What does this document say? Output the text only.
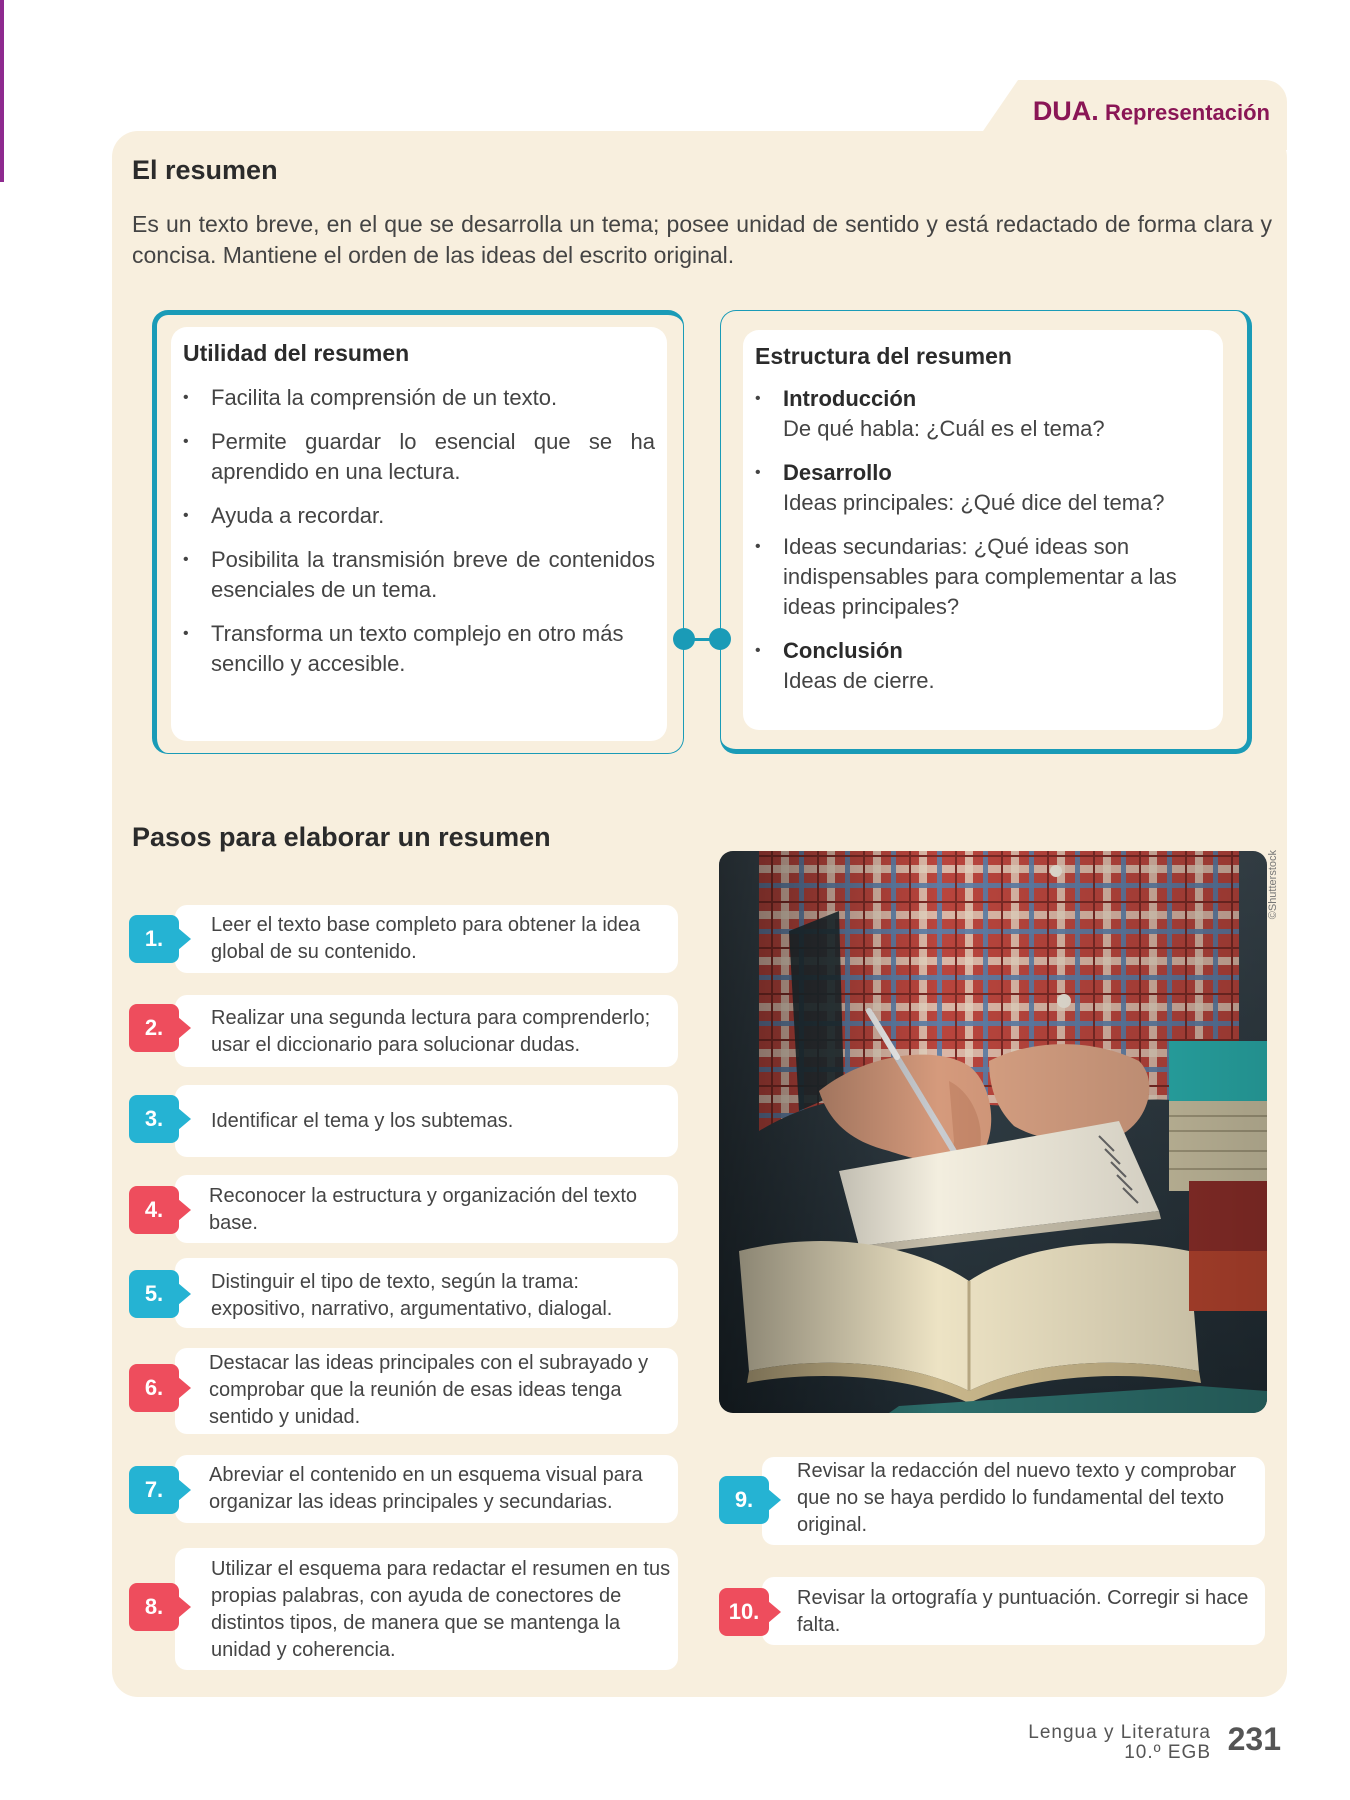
DUA. Representación
El resumen

Es un texto breve, en el que se desarrolla un tema; posee unidad de sentido y está redactado de forma clara y concisa. Mantiene el orden de las ideas del escrito original.

Utilidad del resumen
• Facilita la comprensión de un texto.
• Permite guardar lo esencial que se ha aprendido en una lectura.
• Ayuda a recordar.
• Posibilita la transmisión breve de contenidos esenciales de un tema.
• Transforma un texto complejo en otro más sencillo y accesible.
Estructura del resumen
• Introducción
De qué habla: ¿Cuál es el tema?
• Desarrollo
Ideas principales: ¿Qué dice del tema?
• Ideas secundarias: ¿Qué ideas son indispensables para complementar a las ideas principales?
• Conclusión
Ideas de cierre.
Pasos para elaborar un resumen
1.
Leer el texto base completo para obtener la idea global de su contenido.
2.	Realizar una segunda lectura para comprenderlo; usar el diccionario para solucionar dudas.
3.	Identificar el tema y los subtemas.
4.
Reconocer la estructura y organización del texto base.
5.	Distinguir el tipo de texto, según la trama: expositivo, narrativo, argumentativo, dialogal.
6.
Destacar las ideas principales con el subrayado y comprobar que la reunión de esas ideas tenga sentido y unidad.
7.
Abreviar el contenido en un esquema visual para organizar las ideas principales y secundarias.
8.
Utilizar el esquema para redactar el resumen en tus propias palabras, con ayuda de conectores de distintos tipos, de manera que se mantenga la unidad y coherencia.
9.
Revisar la redacción del nuevo texto y comprobar que no se haya perdido lo fundamental del texto original.
10.
Revisar la ortografía y puntuación. Corregir si hace falta.
©Shutterstock
Lengua y Literatura
10.º EGB 231
